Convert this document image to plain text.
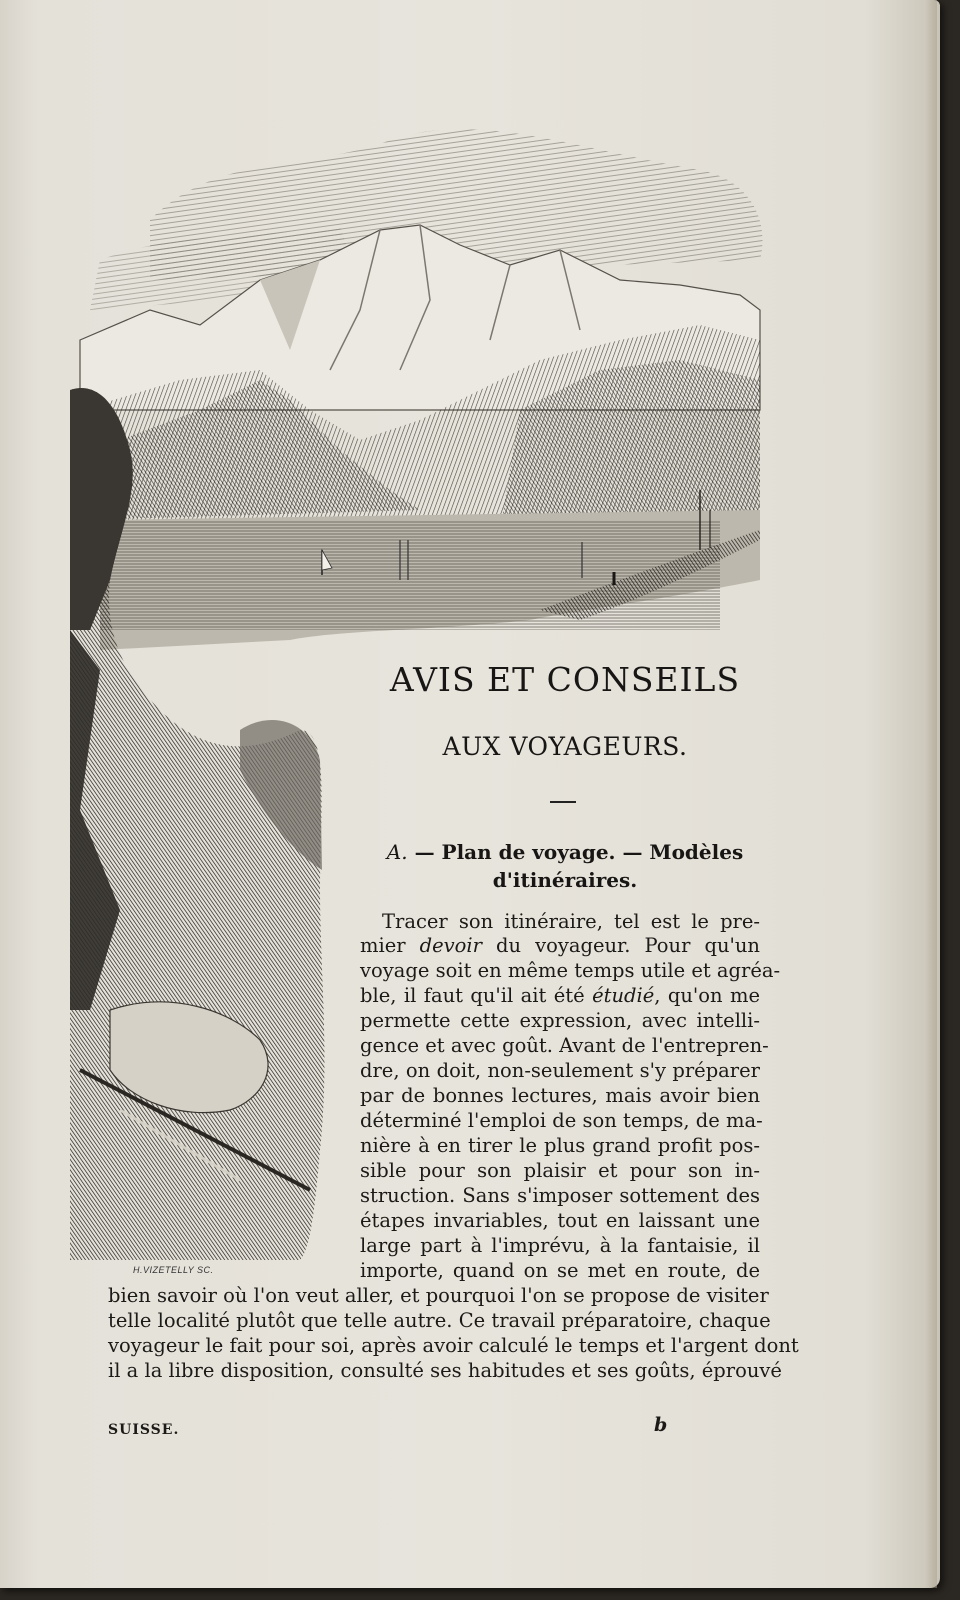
H.VIZETELLY SC.
AVIS ET CONSEILS
AUX VOYAGEURS.
A. — Plan de voyage. — Modèles
d'itinéraires.
Tracer son itinéraire, tel est le pre-
mier devoir du voyageur. Pour qu'un
voyage soit en même temps utile et agréa-
ble, il faut qu'il ait été étudié, qu'on me
permette cette expression, avec intelli-
gence et avec goût. Avant de l'entrepren-
dre, on doit, non-seulement s'y préparer
par de bonnes lectures, mais avoir bien
déterminé l'emploi de son temps, de ma-
nière à en tirer le plus grand profit pos-
sible pour son plaisir et pour son in-
struction. Sans s'imposer sottement des
étapes invariables, tout en laissant une
large part à l'imprévu, à la fantaisie, il
importe, quand on se met en route, de
bien savoir où l'on veut aller, et pourquoi l'on se propose de visiter
telle localité plutôt que telle autre. Ce travail préparatoire, chaque
voyageur le fait pour soi, après avoir calculé le temps et l'argent dont
il a la libre disposition, consulté ses habitudes et ses goûts, éprouvé
SUISSE.	b
